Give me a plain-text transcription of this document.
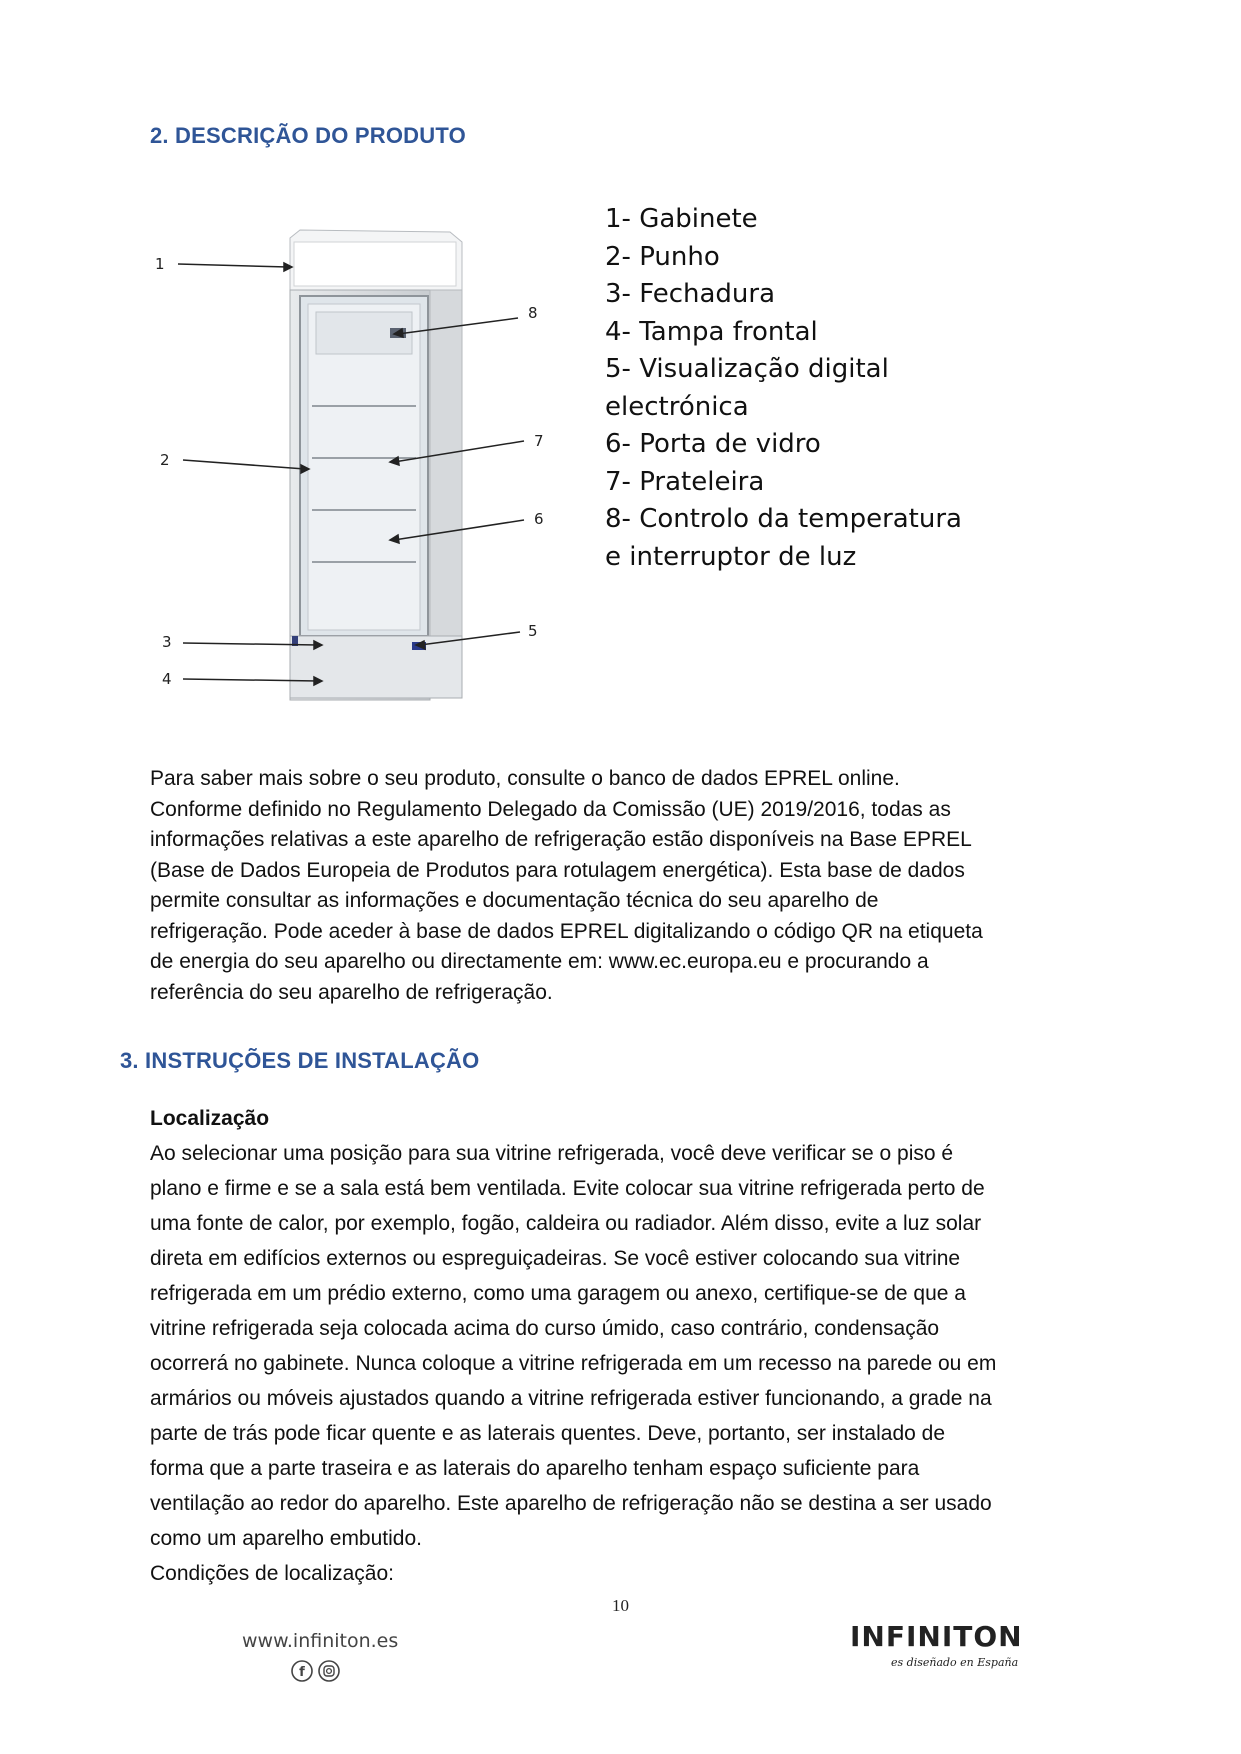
2. DESCRIÇÃO DO PRODUTO
1
2
3
4
5
6
7
8
1- Gabinete
2- Punho
3- Fechadura
4- Tampa frontal
5- Visualização digital
electrónica
6- Porta de vidro
7- Prateleira
8- Controlo da temperatura
e interruptor de luz
Para saber mais sobre o seu produto, consulte o banco de dados EPREL online.
Conforme definido no Regulamento Delegado da Comissão (UE) 2019/2016, todas as
informações relativas a este aparelho de refrigeração estão disponíveis na Base EPREL
(Base de Dados Europeia de Produtos para rotulagem energética). Esta base de dados
permite consultar as informações e documentação técnica do seu aparelho de
refrigeração. Pode aceder à base de dados EPREL digitalizando o código QR na etiqueta
de energia do seu aparelho ou directamente em: www.ec.europa.eu e procurando a
referência do seu aparelho de refrigeração.
3. INSTRUÇÕES DE INSTALAÇÃO
Localização
Ao selecionar uma posição para sua vitrine refrigerada, você deve verificar se o piso é
plano e firme e se a sala está bem ventilada. Evite colocar sua vitrine refrigerada perto de
uma fonte de calor, por exemplo, fogão, caldeira ou radiador. Além disso, evite a luz solar
direta em edifícios externos ou espreguiçadeiras. Se você estiver colocando sua vitrine
refrigerada em um prédio externo, como uma garagem ou anexo, certifique-se de que a
vitrine refrigerada seja colocada acima do curso úmido, caso contrário, condensação
ocorrerá no gabinete. Nunca coloque a vitrine refrigerada em um recesso na parede ou em
armários ou móveis ajustados quando a vitrine refrigerada estiver funcionando, a grade na
parte de trás pode ficar quente e as laterais quentes. Deve, portanto, ser instalado de
forma que a parte traseira e as laterais do aparelho tenham espaço suficiente para
ventilação ao redor do aparelho. Este aparelho de refrigeração não se destina a ser usado
como um aparelho embutido.
Condições de localização:
10
www.infiniton.es
f
INFINITON
es diseñado en España
